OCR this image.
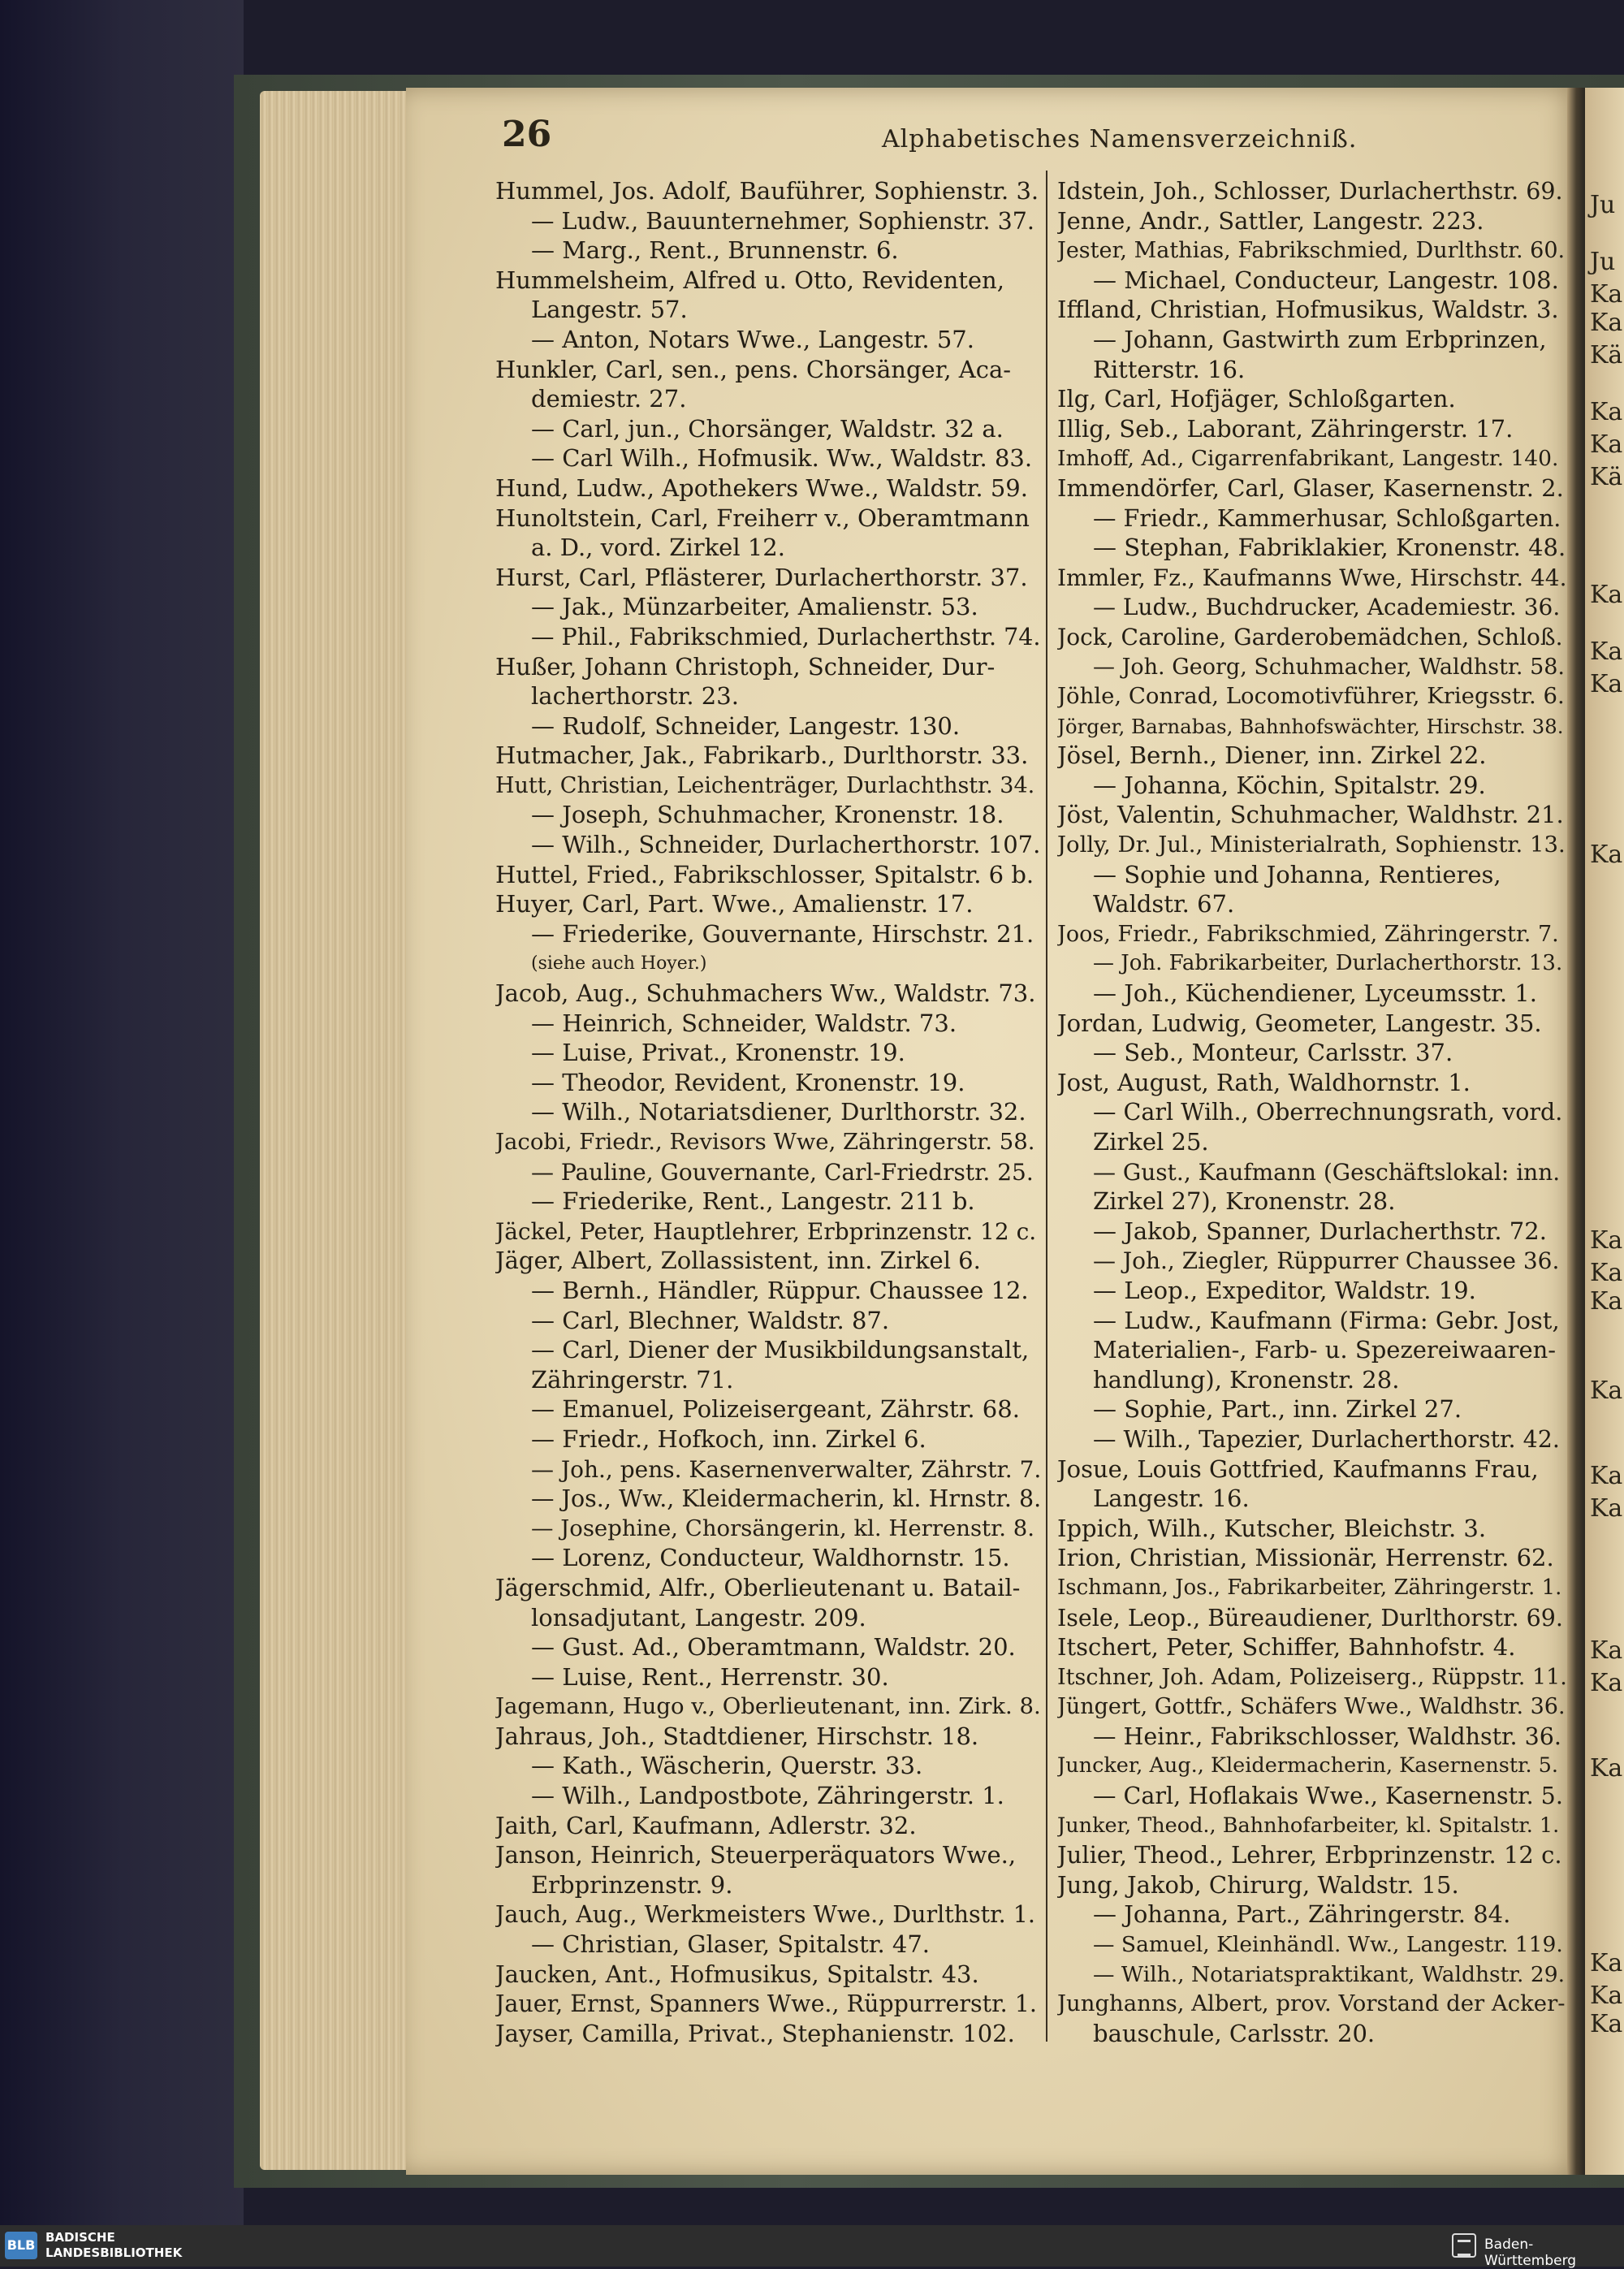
Ju
Ju
Ka
Ka
Kä
Ka
Ka
Kä
Ka
Ka
Ka
Ka
Ka
Ka
Ka
Ka
Ka
Ka
Ka
Ka
Ka
Ka
Ka
Ka
26	Alphabetisches Namensverzeichniß.
Hummel, Jos. Adolf, Bauführer, Sophienstr. 3.
— Ludw., Bauunternehmer, Sophienstr. 37.
— Marg., Rent., Brunnenstr. 6.
Hummelsheim, Alfred u. Otto, Revidenten,
Langestr. 57.
— Anton, Notars Wwe., Langestr. 57.
Hunkler, Carl, sen., pens. Chorsänger, Aca-
demiestr. 27.
— Carl, jun., Chorsänger, Waldstr. 32 a.
— Carl Wilh., Hofmusik. Ww., Waldstr. 83.
Hund, Ludw., Apothekers Wwe., Waldstr. 59.
Hunoltstein, Carl, Freiherr v., Oberamtmann
a. D., vord. Zirkel 12.
Hurst, Carl, Pflästerer, Durlacherthorstr. 37.
— Jak., Münzarbeiter, Amalienstr. 53.
— Phil., Fabrikschmied, Durlacherthstr. 74.
Hußer, Johann Christoph, Schneider, Dur-
lacherthorstr. 23.
— Rudolf, Schneider, Langestr. 130.
Hutmacher, Jak., Fabrikarb., Durlthorstr. 33.
Hutt, Christian, Leichenträger, Durlachthstr. 34.
— Joseph, Schuhmacher, Kronenstr. 18.
— Wilh., Schneider, Durlacherthorstr. 107.
Huttel, Fried., Fabrikschlosser, Spitalstr. 6 b.
Huyer, Carl, Part. Wwe., Amalienstr. 17.
— Friederike, Gouvernante, Hirschstr. 21.
(siehe auch Hoyer.)
Jacob, Aug., Schuhmachers Ww., Waldstr. 73.
— Heinrich, Schneider, Waldstr. 73.
— Luise, Privat., Kronenstr. 19.
— Theodor, Revident, Kronenstr. 19.
— Wilh., Notariatsdiener, Durlthorstr. 32.
Jacobi, Friedr., Revisors Wwe, Zähringerstr. 58.
— Pauline, Gouvernante, Carl-Friedrstr. 25.
— Friederike, Rent., Langestr. 211 b.
Jäckel, Peter, Hauptlehrer, Erbprinzenstr. 12 c.
Jäger, Albert, Zollassistent, inn. Zirkel 6.
— Bernh., Händler, Rüppur. Chaussee 12.
— Carl, Blechner, Waldstr. 87.
— Carl, Diener der Musikbildungsanstalt,
Zähringerstr. 71.
— Emanuel, Polizeisergeant, Zährstr. 68.
— Friedr., Hofkoch, inn. Zirkel 6.
— Joh., pens. Kasernenverwalter, Zährstr. 7.
— Jos., Ww., Kleidermacherin, kl. Hrnstr. 8.
— Josephine, Chorsängerin, kl. Herrenstr. 8.
— Lorenz, Conducteur, Waldhornstr. 15.
Jägerschmid, Alfr., Oberlieutenant u. Batail-
lonsadjutant, Langestr. 209.
— Gust. Ad., Oberamtmann, Waldstr. 20.
— Luise, Rent., Herrenstr. 30.
Jagemann, Hugo v., Oberlieutenant, inn. Zirk. 8.
Jahraus, Joh., Stadtdiener, Hirschstr. 18.
— Kath., Wäscherin, Querstr. 33.
— Wilh., Landpostbote, Zähringerstr. 1.
Jaith, Carl, Kaufmann, Adlerstr. 32.
Janson, Heinrich, Steuerperäquators Wwe.,
Erbprinzenstr. 9.
Jauch, Aug., Werkmeisters Wwe., Durlthstr. 1.
— Christian, Glaser, Spitalstr. 47.
Jaucken, Ant., Hofmusikus, Spitalstr. 43.
Jauer, Ernst, Spanners Wwe., Rüppurrerstr. 1.
Jayser, Camilla, Privat., Stephanienstr. 102.
Idstein, Joh., Schlosser, Durlacherthstr. 69.
Jenne, Andr., Sattler, Langestr. 223.
Jester, Mathias, Fabrikschmied, Durlthstr. 60.
— Michael, Conducteur, Langestr. 108.
Iffland, Christian, Hofmusikus, Waldstr. 3.
— Johann, Gastwirth zum Erbprinzen,
Ritterstr. 16.
Ilg, Carl, Hofjäger, Schloßgarten.
Illig, Seb., Laborant, Zähringerstr. 17.
Imhoff, Ad., Cigarrenfabrikant, Langestr. 140.
Immendörfer, Carl, Glaser, Kasernenstr. 2.
— Friedr., Kammerhusar, Schloßgarten.
— Stephan, Fabriklakier, Kronenstr. 48.
Immler, Fz., Kaufmanns Wwe, Hirschstr. 44.
— Ludw., Buchdrucker, Academiestr. 36.
Jock, Caroline, Garderobemädchen, Schloß.
— Joh. Georg, Schuhmacher, Waldhstr. 58.
Jöhle, Conrad, Locomotivführer, Kriegsstr. 6.
Jörger, Barnabas, Bahnhofswächter, Hirschstr. 38.
Jösel, Bernh., Diener, inn. Zirkel 22.
— Johanna, Köchin, Spitalstr. 29.
Jöst, Valentin, Schuhmacher, Waldhstr. 21.
Jolly, Dr. Jul., Ministerialrath, Sophienstr. 13.
— Sophie und Johanna, Rentieres,
Waldstr. 67.
Joos, Friedr., Fabrikschmied, Zähringerstr. 7.
— Joh. Fabrikarbeiter, Durlacherthorstr. 13.
— Joh., Küchendiener, Lyceumsstr. 1.
Jordan, Ludwig, Geometer, Langestr. 35.
— Seb., Monteur, Carlsstr. 37.
Jost, August, Rath, Waldhornstr. 1.
— Carl Wilh., Oberrechnungsrath, vord.
Zirkel 25.
— Gust., Kaufmann (Geschäftslokal: inn.
Zirkel 27), Kronenstr. 28.
— Jakob, Spanner, Durlacherthstr. 72.
— Joh., Ziegler, Rüppurrer Chaussee 36.
— Leop., Expeditor, Waldstr. 19.
— Ludw., Kaufmann (Firma: Gebr. Jost,
Materialien-, Farb- u. Spezereiwaaren-
handlung), Kronenstr. 28.
— Sophie, Part., inn. Zirkel 27.
— Wilh., Tapezier, Durlacherthorstr. 42.
Josue, Louis Gottfried, Kaufmanns Frau,
Langestr. 16.
Ippich, Wilh., Kutscher, Bleichstr. 3.
Irion, Christian, Missionär, Herrenstr. 62.
Ischmann, Jos., Fabrikarbeiter, Zähringerstr. 1.
Isele, Leop., Büreaudiener, Durlthorstr. 69.
Itschert, Peter, Schiffer, Bahnhofstr. 4.
Itschner, Joh. Adam, Polizeiserg., Rüppstr. 11.
Jüngert, Gottfr., Schäfers Wwe., Waldhstr. 36.
— Heinr., Fabrikschlosser, Waldhstr. 36.
Juncker, Aug., Kleidermacherin, Kasernenstr. 5.
— Carl, Hoflakais Wwe., Kasernenstr. 5.
Junker, Theod., Bahnhofarbeiter, kl. Spitalstr. 1.
Julier, Theod., Lehrer, Erbprinzenstr. 12 c.
Jung, Jakob, Chirurg, Waldstr. 15.
— Johanna, Part., Zähringerstr. 84.
— Samuel, Kleinhändl. Ww., Langestr. 119.
— Wilh., Notariatspraktikant, Waldhstr. 29.
Junghanns, Albert, prov. Vorstand der Acker-
bauschule, Carlsstr. 20.
BLB BADISCHE
LANDESBIBLIOTHEK	Baden-Württemberg
